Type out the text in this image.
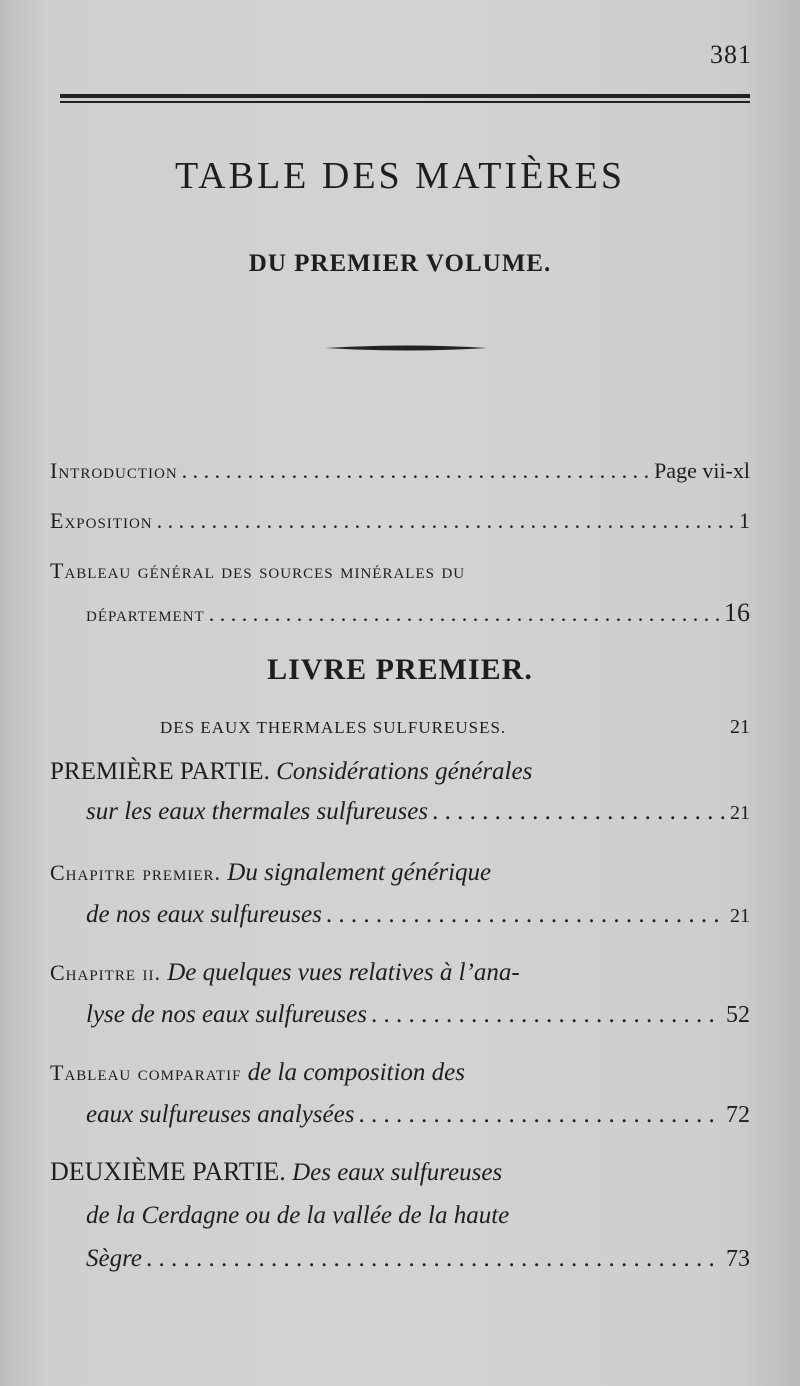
381
TABLE DES MATIÈRES
DU PREMIER VOLUME.
Introduction . . .	Page vii-xl
Exposition . . .	1
Tableau général des sources minérales du
département . . .	16
LIVRE PREMIER.
DES EAUX THERMALES SULFUREUSES.	21
PREMIÈRE PARTIE. Considérations générales
sur les eaux thermales sulfureuses . . .	21
Chapitre premier. Du signalement générique
de nos eaux sulfureuses . . .	21
Chapitre ii. De quelques vues relatives à l’ana-
lyse de nos eaux sulfureuses . . .	52
Tableau comparatif de la composition des
eaux sulfureuses analysées . . .	72
DEUXIÈME PARTIE. Des eaux sulfureuses
de la Cerdagne ou de la vallée de la haute
Sègre . . .	73
